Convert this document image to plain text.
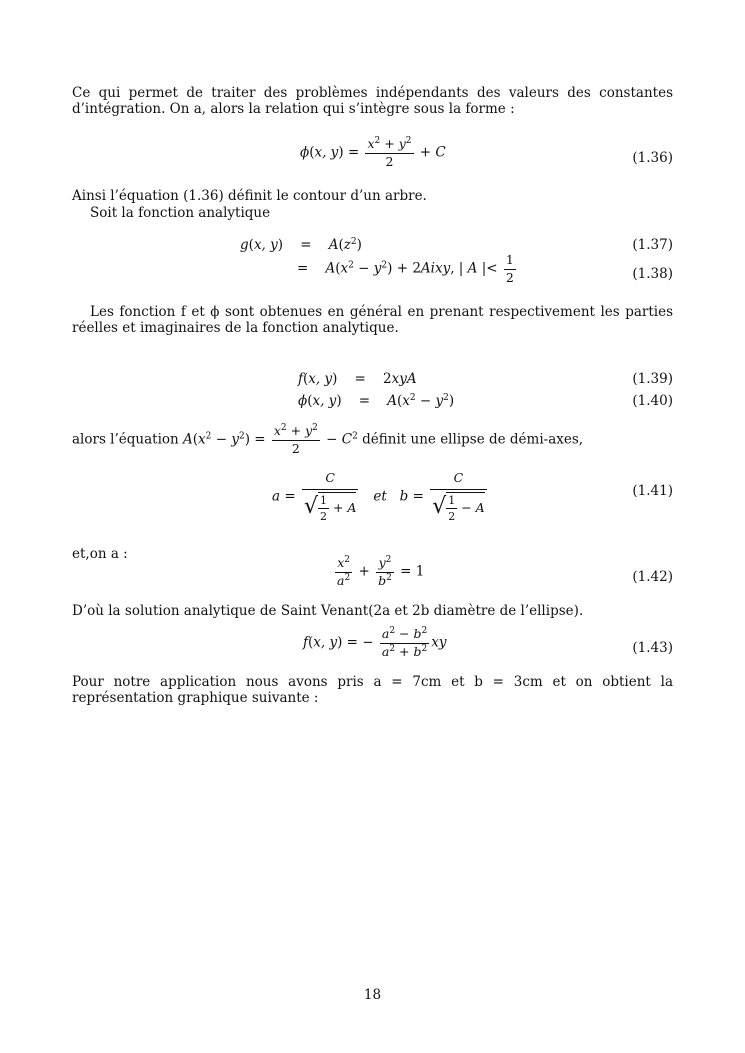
Ce qui permet de traiter des problèmes indépendants des valeurs des constantes d’intégration. On a, alors la relation qui s’intègre sous la forme :

ϕ(x, $y) = \frac{x^2 + y^2}{2} + C$	(1.36)

Ainsi l’équation (1.36) définit le contour d’un arbre.

Soit la fonction analytique

g(x, y)    =    $A(z^2)$	(1.37)
=    $A(x^2 - y^2)$ + 2Aixy, | A |< $\frac{1}{2}$	(1.38)

Les fonction f et ϕ sont obtenues en général en prenant respectivement les parties réelles et imaginaires de la fonction analytique.

f(x, y)    =    2xyA	(1.39)
ϕ(x, y)    =    $A(x^2 - y^2)$	(1.40)
alors l’équation $A(x^2 - y^2) = \frac{x^2 + y^2}{2} - C^2$ définit une ellipse de démi-axes,
$a = \frac{C}{√ \frac{1}{2} + A}$ et $b = \frac{C}{√ \frac{1}{2} - A}$	(1.41)

et,on a :

$\frac{x^2}{a^2} + \frac{y^2}{b^2} = 1$	(1.42)

D’où la solution analytique de Saint Venant(2a et 2b diamètre de l’ellipse).

f(x, y) = − $\frac{a^2 - b^2}{a^2 + b^2}$ xy	(1.43)

Pour notre application nous avons pris a = 7cm et b = 3cm et on obtient la représentation graphique suivante :

18
